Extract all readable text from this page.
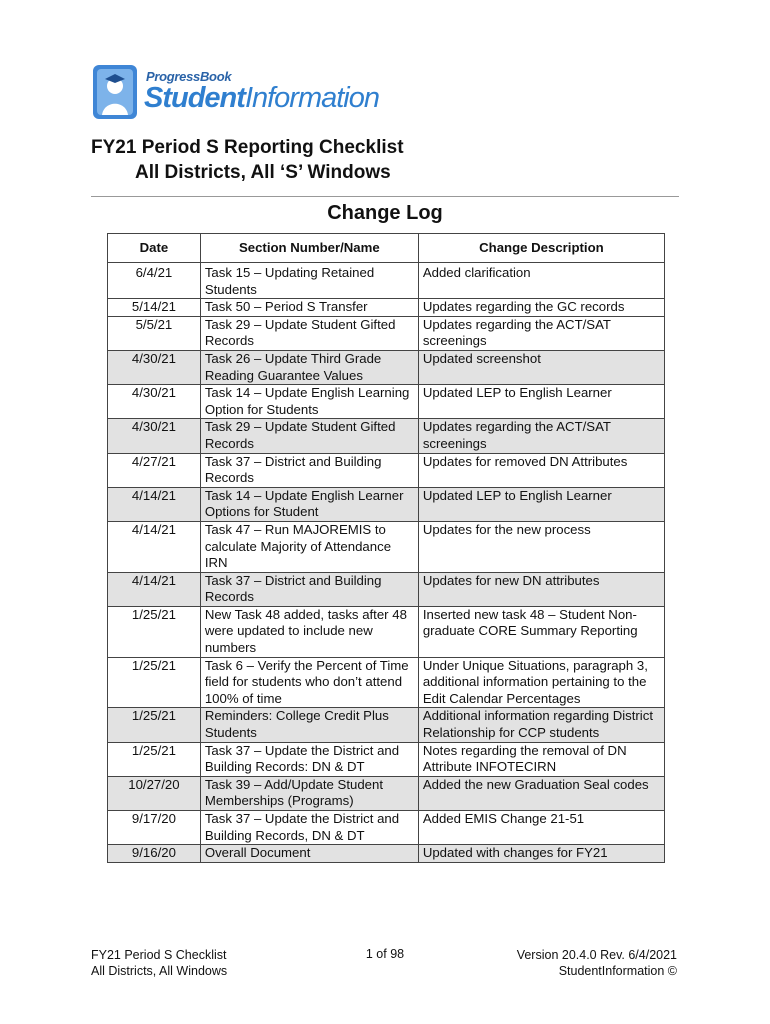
ProgressBook
StudentInformation
FY21 Period S Reporting Checklist
All Districts, All ‘S’ Windows
Change Log
Date	Section Number/Name	Change Description
6/4/21	Task 15 – Updating Retained Students	Added clarification
5/14/21	Task 50 – Period S Transfer	Updates regarding the GC records
5/5/21	Task 29 – Update Student Gifted Records	Updates regarding the ACT/SAT screenings
4/30/21	Task 26 – Update Third Grade Reading Guarantee Values	Updated screenshot
4/30/21	Task 14 – Update English Learning Option for Students	Updated LEP to English Learner
4/30/21	Task 29 – Update Student Gifted Records	Updates regarding the ACT/SAT screenings
4/27/21	Task 37 – District and Building Records	Updates for removed DN Attributes
4/14/21	Task 14 – Update English Learner Options for Student	Updated LEP to English Learner
4/14/21	Task 47 – Run MAJOREMIS to calculate Majority of Attendance IRN	Updates for the new process
4/14/21	Task 37 – District and Building Records	Updates for new DN attributes
1/25/21	New Task 48 added, tasks after 48 were updated to include new numbers	Inserted new task 48 – Student Non-graduate CORE Summary Reporting
1/25/21	Task 6 – Verify the Percent of Time field for students who don’t attend 100% of time	Under Unique Situations, paragraph 3, additional information pertaining to the Edit Calendar Percentages
1/25/21	Reminders: College Credit Plus Students	Additional information regarding District Relationship for CCP students
1/25/21	Task 37 – Update the District and Building Records: DN & DT	Notes regarding the removal of DN Attribute INFOTECIRN
10/27/20	Task 39 – Add/Update Student Memberships (Programs)	Added the new Graduation Seal codes
9/17/20	Task 37 – Update the District and Building Records, DN & DT	Added EMIS Change 21-51
9/16/20	Overall Document	Updated with changes for FY21
FY21 Period S Checklist
All Districts, All Windows
1 of 98	Version 20.4.0 Rev. 6/4/2021
StudentInformation ©
